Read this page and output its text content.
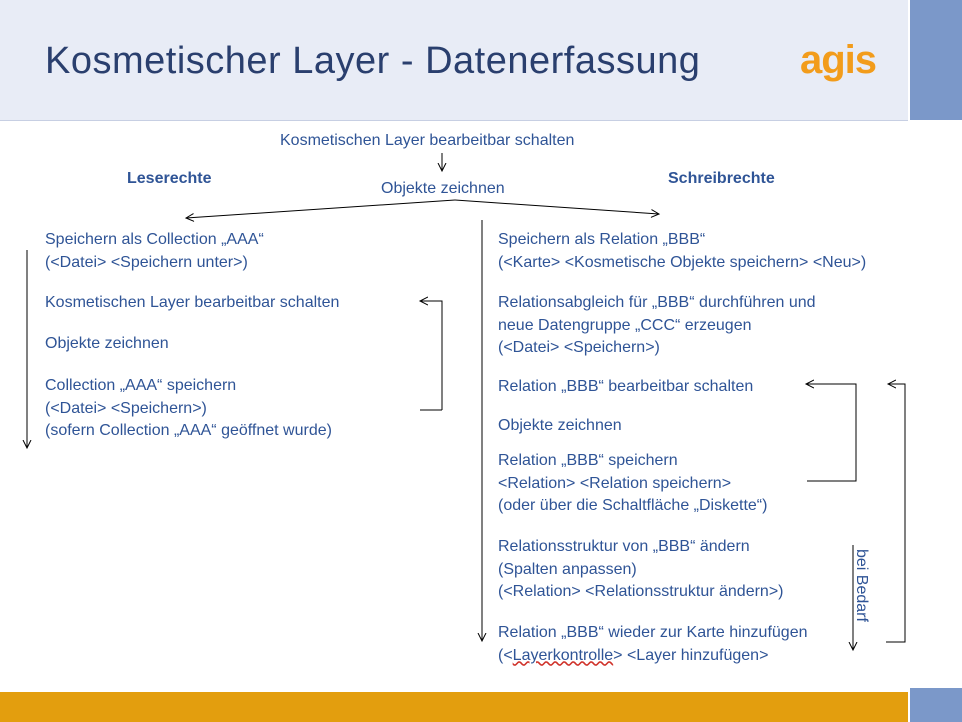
Kosmetischer Layer - Datenerfassung agis
Kosmetischen Layer bearbeitbar schalten
Objekte zeichnen
Leserechte	Schreibrechte
Speichern als Collection „AAA“
(<Datei> <Speichern unter>)
Kosmetischen Layer bearbeitbar schalten
Objekte zeichnen
Collection „AAA“ speichern
(<Datei> <Speichern>)
(sofern Collection „AAA“ geöffnet wurde)
Speichern als Relation „BBB“
(<Karte> <Kosmetische Objekte speichern> <Neu>)
Relationsabgleich für „BBB“ durchführen und
neue Datengruppe „CCC“ erzeugen
(<Datei> <Speichern>)
Relation „BBB“ bearbeitbar schalten
Objekte zeichnen
Relation „BBB“ speichern
<Relation> <Relation speichern>
(oder über die Schaltfläche „Diskette“)
Relationsstruktur von „BBB“ ändern
(Spalten anpassen)
(<Relation> <Relationsstruktur ändern>)
Relation „BBB“ wieder zur Karte hinzufügen
(<Layerkontrolle> <Layer hinzufügen>
bei Bedarf
